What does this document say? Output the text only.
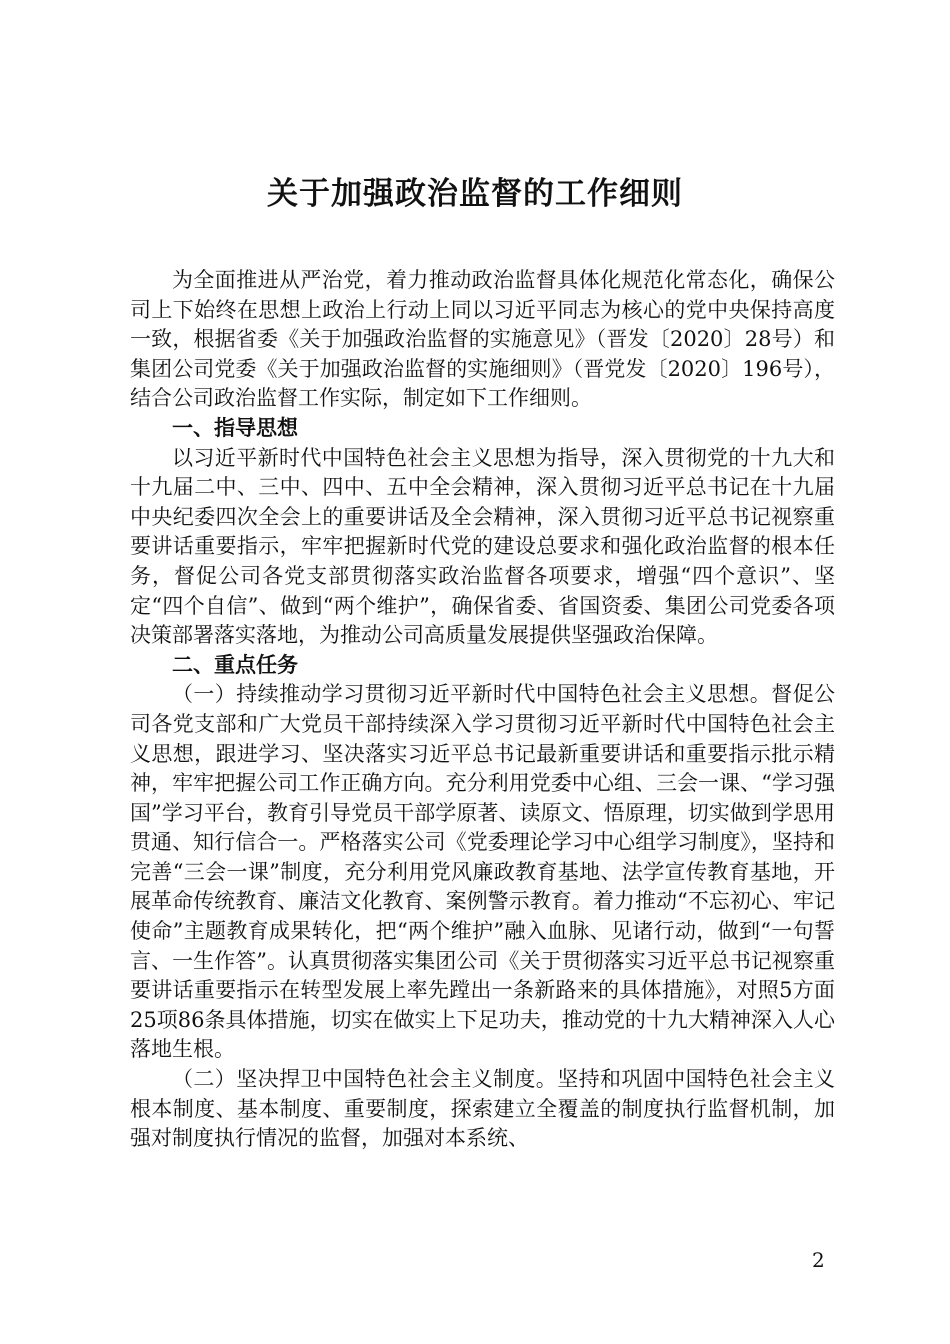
关于加强政治监督的工作细则

为全面推进从严治党，着力推动政治监督具体化规范化常态化，确保公司上下始终在思想上政治上行动上同以习近平同志为核心的党中央保持高度一致，根据省委《关于加强政治监督的实施意见》（晋发〔2020〕28号）和集团公司党委《关于加强政治监督的实施细则》（晋党发〔2020〕196号），结合公司政治监督工作实际，制定如下工作细则。

一、指导思想

以习近平新时代中国特色社会主义思想为指导，深入贯彻党的十九大和十九届二中、三中、四中、五中全会精神，深入贯彻习近平总书记在十九届中央纪委四次全会上的重要讲话及全会精神，深入贯彻习近平总书记视察重要讲话重要指示，牢牢把握新时代党的建设总要求和强化政治监督的根本任务，督促公司各党支部贯彻落实政治监督各项要求，增强“四个意识”、坚定“四个自信”、做到“两个维护”，确保省委、省国资委、集团公司党委各项决策部署落实落地，为推动公司高质量发展提供坚强政治保障。

二、重点任务

（一）持续推动学习贯彻习近平新时代中国特色社会主义思想。督促公司各党支部和广大党员干部持续深入学习贯彻习近平新时代中国特色社会主义思想，跟进学习、坚决落实习近平总书记最新重要讲话和重要指示批示精神，牢牢把握公司工作正确方向。充分利用党委中心组、三会一课、“学习强国”学习平台，教育引导党员干部学原著、读原文、悟原理，切实做到学思用贯通、知行信合一。严格落实公司《党委理论学习中心组学习制度》，坚持和完善“三会一课”制度，充分利用党风廉政教育基地、法学宣传教育基地，开展革命传统教育、廉洁文化教育、案例警示教育。着力推动“不忘初心、牢记使命”主题教育成果转化，把“两个维护”融入血脉、见诸行动，做到“一句誓言、一生作答”。认真贯彻落实集团公司《关于贯彻落实习近平总书记视察重要讲话重要指示在转型发展上率先蹚出一条新路来的具体措施》，对照5方面25项86条具体措施，切实在做实上下足功夫，推动党的十九大精神深入人心落地生根。

（二）坚决捍卫中国特色社会主义制度。坚持和巩固中国特色社会主义根本制度、基本制度、重要制度，探索建立全覆盖的制度执行监督机制，加强对制度执行情况的监督，加强对本系统、

2
